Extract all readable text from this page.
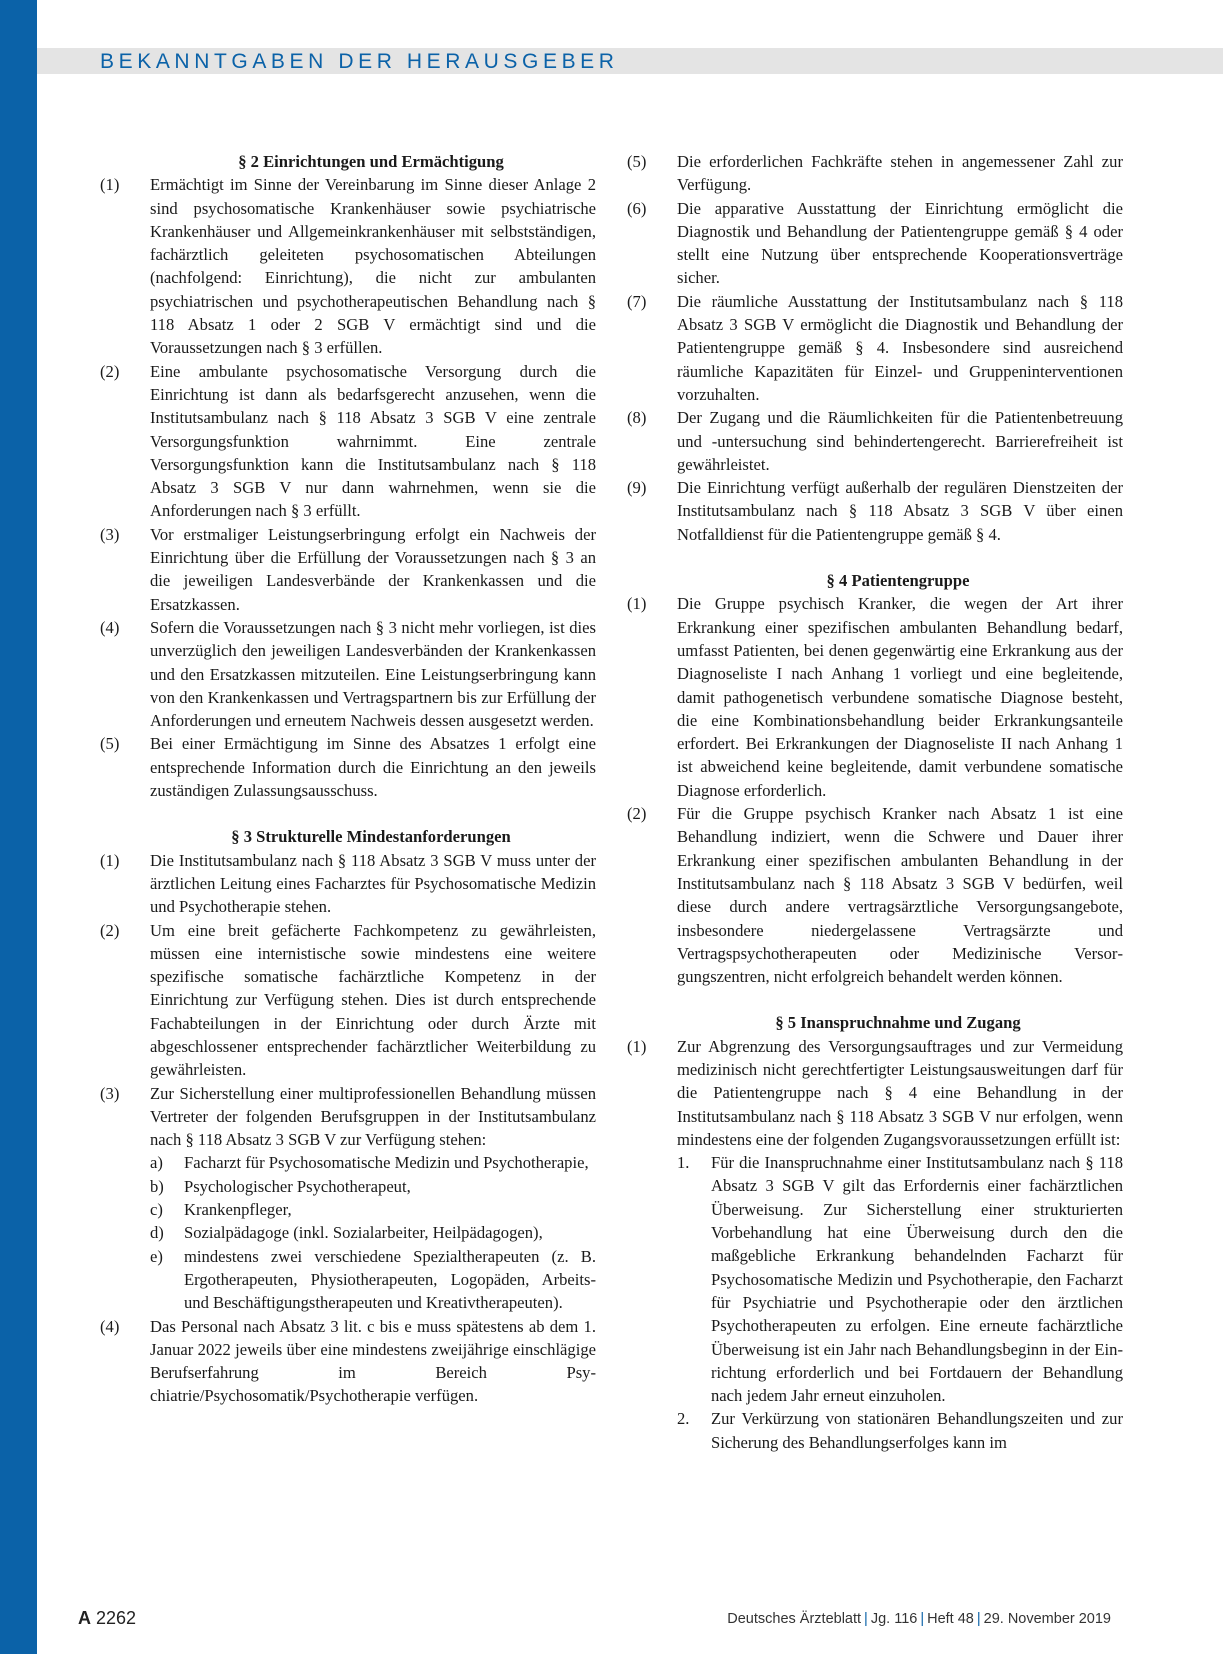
BEKANNTGABEN DER HERAUSGEBER
§ 2 Einrichtungen und Ermächtigung
(1)	Ermächtigt im Sinne der Vereinbarung im Sinne dieser Anlage 2 sind psychosomatische Krankenhäuser sowie psychiatrische Krankenhäuser und Allgemeinkrankenhäuser mit selbstständigen, fachärztlich geleiteten psychosomatischen Abteilungen (nachfolgend: Einrichtung), die nicht zur ambulanten psychiatrischen und psychotherapeutischen Behandlung nach § 118 Absatz 1 oder 2 SGB V ermächtigt sind und die Voraussetzungen nach § 3 erfüllen.
(2)	Eine ambulante psychosomatische Versorgung durch die Einrichtung ist dann als bedarfsgerecht anzusehen, wenn die Institutsambulanz nach § 118 Absatz 3 SGB V eine zentrale Versorgungsfunktion wahrnimmt. Eine zentrale Versorgungsfunktion kann die Institutsambulanz nach § 118 Absatz 3 SGB V nur dann wahrnehmen, wenn sie die Anforderungen nach § 3 erfüllt.
(3)	Vor erstmaliger Leistungserbringung erfolgt ein Nachweis der Einrichtung über die Erfüllung der Voraussetzungen nach § 3 an die jeweiligen Landesverbände der Krankenkassen und die Ersatzkassen.
(4)	Sofern die Voraussetzungen nach § 3 nicht mehr vorliegen, ist dies unverzüglich den jeweiligen Landesverbänden der Krankenkassen und den Ersatzkassen mitzuteilen. Eine Leistungserbringung kann von den Krankenkassen und Vertragspartnern bis zur Erfüllung der Anforderungen und erneutem Nachweis dessen ausgesetzt werden.
(5)	Bei einer Ermächtigung im Sinne des Absatzes 1 erfolgt eine entsprechende Information durch die Einrichtung an den jeweils zuständigen Zulassungsausschuss.
§ 3 Strukturelle Mindestanforderungen
(1)	Die Institutsambulanz nach § 118 Absatz 3 SGB V muss unter der ärztlichen Leitung eines Facharztes für Psychosomatische Medizin und Psychotherapie stehen.
(2)	Um eine breit gefächerte Fachkompetenz zu gewährleisten, müssen eine internistische sowie mindestens eine weitere spezifische somatische fachärztliche Kompetenz in der Einrichtung zur Verfügung stehen. Dies ist durch entsprechende Fachabteilungen in der Einrichtung oder durch Ärzte mit abgeschlossener entsprechender fachärztlicher Weiterbildung zu gewährleisten.
(3)	Zur Sicherstellung einer multiprofessionellen Behandlung müssen Vertreter der folgenden Berufsgruppen in der Institutsambulanz nach § 118 Absatz 3 SGB V zur Verfügung stehen:
a)	Facharzt für Psychosomatische Medizin und Psychotherapie,
b)	Psychologischer Psychotherapeut,
c)	Krankenpfleger,
d)	Sozialpädagoge (inkl. Sozialarbeiter, Heilpädagogen),
e)	mindestens zwei verschiedene Spezialtherapeuten (z. B. Ergotherapeuten, Physiotherapeuten, Logopäden, Arbeits- und Beschäftigungstherapeuten und Kreativtherapeuten).
(4)	Das Personal nach Absatz 3 lit. c bis e muss spätestens ab dem 1. Januar 2022 jeweils über eine mindestens zweijährige einschlägige Berufserfahrung im Bereich Psychiatrie/Psychosomatik/Psychotherapie verfügen.
(5)	Die erforderlichen Fachkräfte stehen in angemessener Zahl zur Verfügung.
(6)	Die apparative Ausstattung der Einrichtung ermöglicht die Diagnostik und Behandlung der Patientengruppe gemäß § 4 oder stellt eine Nutzung über entsprechende Kooperationsverträge sicher.
(7)	Die räumliche Ausstattung der Institutsambulanz nach § 118 Absatz 3 SGB V ermöglicht die Diagnostik und Behandlung der Patientengruppe gemäß § 4. Insbesondere sind ausreichend räumliche Kapazitäten für Einzel- und Gruppeninterventionen vorzuhalten.
(8)	Der Zugang und die Räumlichkeiten für die Patientenbetreuung und -untersuchung sind behindertengerecht. Barrierefreiheit ist gewährleistet.
(9)	Die Einrichtung verfügt außerhalb der regulären Dienstzeiten der Institutsambulanz nach § 118 Absatz 3 SGB V über einen Notfalldienst für die Patientengruppe gemäß § 4.
§ 4 Patientengruppe
(1)	Die Gruppe psychisch Kranker, die wegen der Art ihrer Erkrankung einer spezifischen ambulanten Behandlung bedarf, umfasst Patienten, bei denen gegenwärtig eine Erkrankung aus der Diagnoseliste I nach Anhang 1 vorliegt und eine begleitende, damit pathogenetisch verbundene somatische Diagnose besteht, die eine Kombinationsbehandlung beider Erkrankungsanteile erfordert. Bei Erkrankungen der Diagnoseliste II nach Anhang 1 ist abweichend keine begleitende, damit verbundene somatische Diagnose erforderlich.
(2)	Für die Gruppe psychisch Kranker nach Absatz 1 ist eine Behandlung indiziert, wenn die Schwere und Dauer ihrer Erkrankung einer spezifischen ambulanten Behandlung in der Institutsambulanz nach § 118 Absatz 3 SGB V bedürfen, weil diese durch andere vertragsärztliche Versorgungsangebote, insbesondere niedergelassene Vertragsärzte und Vertragspsychotherapeuten oder Medizinische Versorgungszentren, nicht erfolgreich behandelt werden können.
§ 5 Inanspruchnahme und Zugang
(1)	Zur Abgrenzung des Versorgungsauftrages und zur Vermeidung medizinisch nicht gerechtfertigter Leistungsausweitungen darf für die Patientengruppe nach § 4 eine Behandlung in der Institutsambulanz nach § 118 Absatz 3 SGB V nur erfolgen, wenn mindestens eine der folgenden Zugangsvoraussetzungen erfüllt ist:
1.	Für die Inanspruchnahme einer Institutsambulanz nach § 118 Absatz 3 SGB V gilt das Erfordernis einer fachärztlichen Überweisung. Zur Sicherstellung einer strukturierten Vorbehandlung hat eine Überweisung durch den die maßgebliche Erkrankung behandelnden Facharzt für Psychosomatische Medizin und Psychotherapie, den Facharzt für Psychiatrie und Psychotherapie oder den ärztlichen Psychotherapeuten zu erfolgen. Eine erneute fachärztliche Überweisung ist ein Jahr nach Behandlungsbeginn in der Einrichtung erforderlich und bei Fortdauern der Behandlung nach jedem Jahr erneut einzuholen.
2.	Zur Verkürzung von stationären Behandlungszeiten und zur Sicherung des Behandlungserfolges kann im
A 2262	Deutsches Ärzteblatt | Jg. 116 | Heft 48 | 29. November 2019
